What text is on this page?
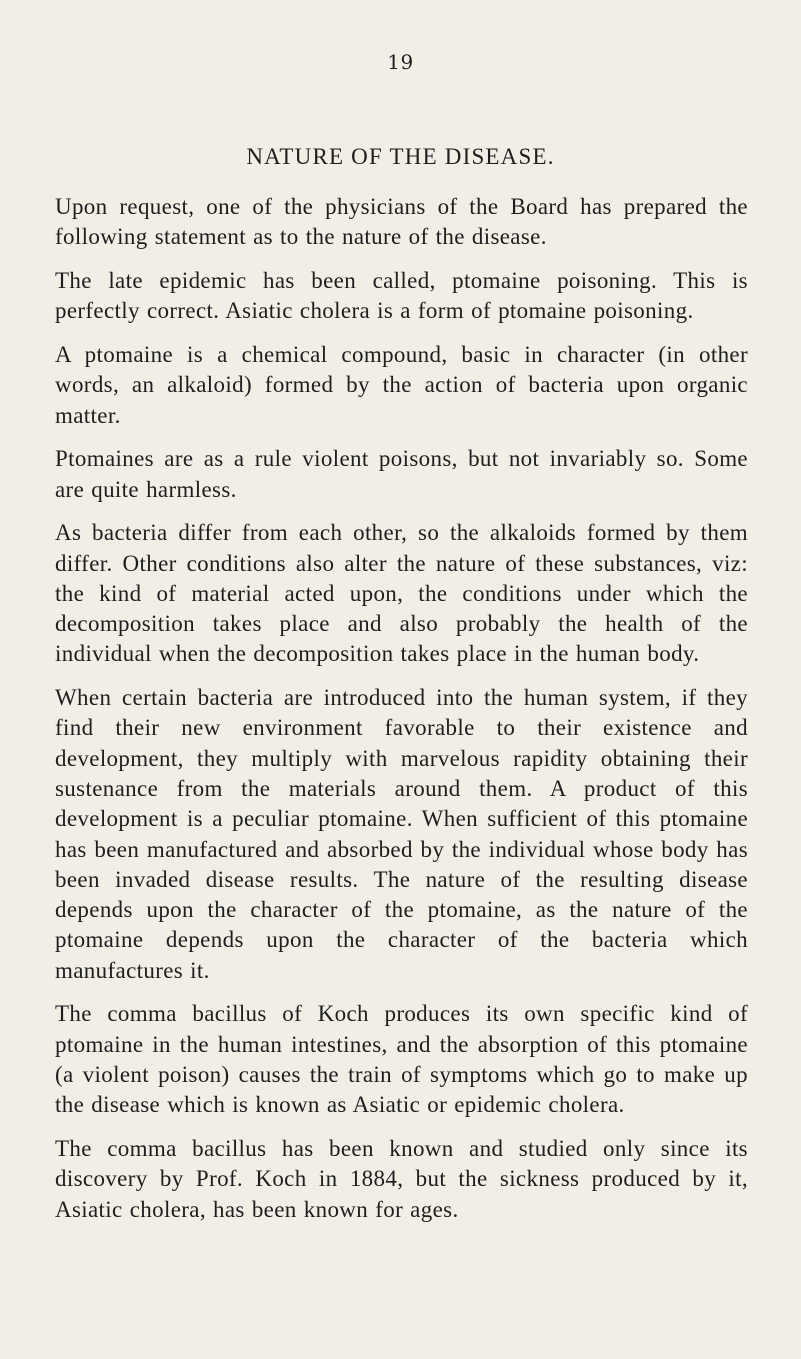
19
NATURE OF THE DISEASE.

Upon request, one of the physicians of the Board has prepared the following statement as to the nature of the disease.

The late epidemic has been called, ptomaine poisoning. This is perfectly correct. Asiatic cholera is a form of ptomaine poisoning.

A ptomaine is a chemical compound, basic in character (in other words, an alkaloid) formed by the action of bacteria upon organic matter.

Ptomaines are as a rule violent poisons, but not invariably so. Some are quite harmless.

As bacteria differ from each other, so the alkaloids formed by them differ. Other conditions also alter the nature of these substances, viz: the kind of material acted upon, the conditions under which the decomposition takes place and also probably the health of the individual when the decomposition takes place in the human body.

When certain bacteria are introduced into the human system, if they find their new environment favorable to their existence and development, they multiply with marvelous rapidity obtaining their sustenance from the materials around them. A product of this development is a peculiar ptomaine. When sufficient of this ptomaine has been manufactured and absorbed by the individual whose body has been invaded disease results. The nature of the resulting disease depends upon the character of the ptomaine, as the nature of the ptomaine depends upon the character of the bacteria which manufactures it.

The comma bacillus of Koch produces its own specific kind of ptomaine in the human intestines, and the absorption of this ptomaine (a violent poison) causes the train of symptoms which go to make up the disease which is known as Asiatic or epidemic cholera.

The comma bacillus has been known and studied only since its discovery by Prof. Koch in 1884, but the sickness produced by it, Asiatic cholera, has been known for ages.
